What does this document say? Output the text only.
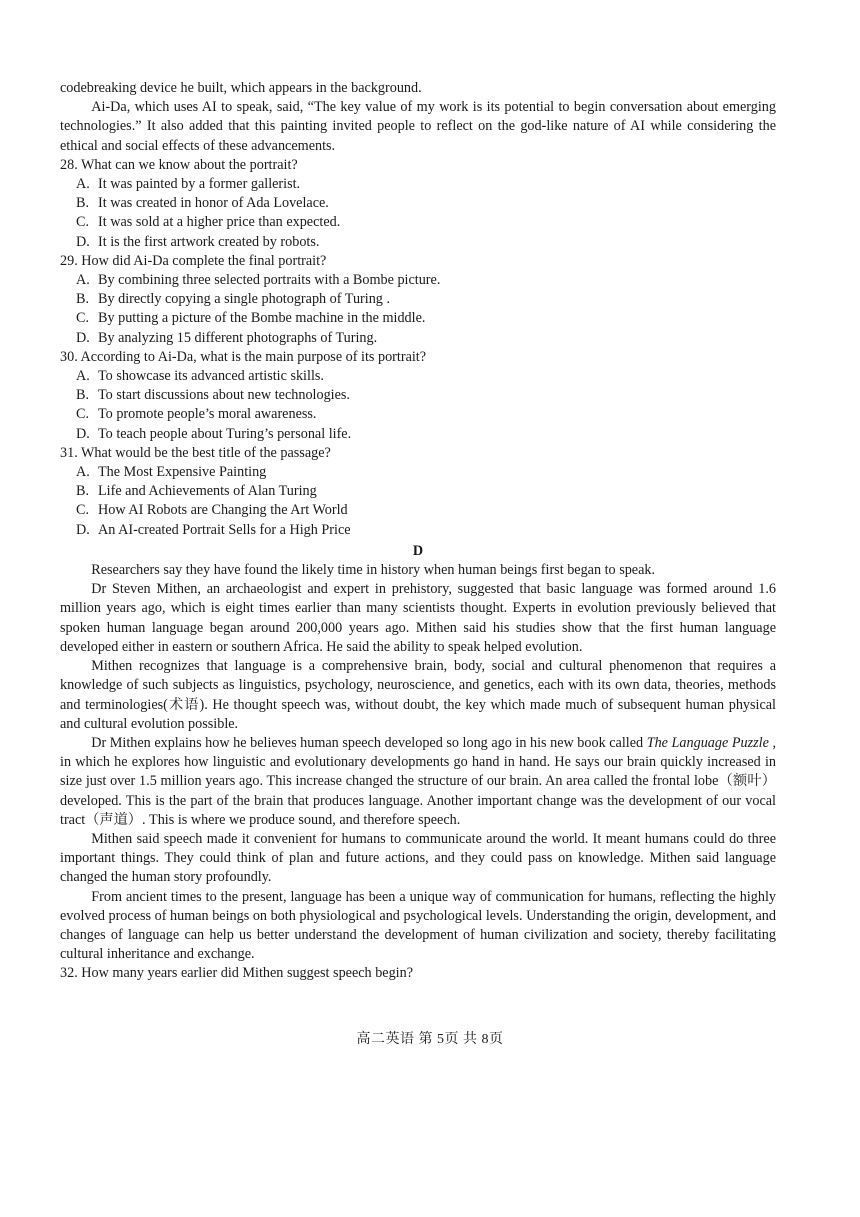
codebreaking device he built, which appears in the background.

Ai-Da, which uses AI to speak, said, “The key value of my work is its potential to begin conversation about emerging technologies.” It also added that this painting invited people to reflect on the god-like nature of AI while considering the ethical and social effects of these advancements.

28. What can we know about the portrait?

A. It was painted by a former gallerist.
B. It was created in honor of Ada Lovelace.
C. It was sold at a higher price than expected.
D. It is the first artwork created by robots.

29. How did Ai-Da complete the final portrait?

A. By combining three selected portraits with a Bombe picture.
B. By directly copying a single photograph of Turing .
C. By putting a picture of the Bombe machine in the middle.
D. By analyzing 15 different photographs of Turing.

30. According to Ai-Da, what is the main purpose of its portrait?

A. To showcase its advanced artistic skills.
B. To start discussions about new technologies.
C. To promote people’s moral awareness.
D. To teach people about Turing’s personal life.

31. What would be the best title of the passage?

A. The Most Expensive Painting
B. Life and Achievements of Alan Turing
C. How AI Robots are Changing the Art World
D. An AI-created Portrait Sells for a High Price

D

Researchers say they have found the likely time in history when human beings first began to speak.

Dr Steven Mithen, an archaeologist and expert in prehistory, suggested that basic language was formed around 1.6 million years ago, which is eight times earlier than many scientists thought. Experts in evolution previously believed that spoken human language began around 200,000 years ago. Mithen said his studies show that the first human language developed either in eastern or southern Africa. He said the ability to speak helped evolution.

Mithen recognizes that language is a comprehensive brain, body, social and cultural phenomenon that requires a knowledge of such subjects as linguistics, psychology, neuroscience, and genetics, each with its own data, theories, methods and terminologies(术语). He thought speech was, without doubt, the key which made much of subsequent human physical and cultural evolution possible.

Dr Mithen explains how he believes human speech developed so long ago in his new book called The Language Puzzle , in which he explores how linguistic and evolutionary developments go hand in hand. He says our brain quickly increased in size just over 1.5 million years ago. This increase changed the structure of our brain. An area called the frontal lobe（额叶）developed. This is the part of the brain that produces language. Another important change was the development of our vocal tract（声道）. This is where we produce sound, and therefore speech.

Mithen said speech made it convenient for humans to communicate around the world. It meant humans could do three important things. They could think of plan and future actions, and they could pass on knowledge. Mithen said language changed the human story profoundly.

From ancient times to the present, language has been a unique way of communication for humans, reflecting the highly evolved process of human beings on both physiological and psychological levels. Understanding the origin, development, and changes of language can help us better understand the development of human civilization and society, thereby facilitating cultural inheritance and exchange.

32. How many years earlier did Mithen suggest speech begin?

高二英语 第 5页 共 8页
